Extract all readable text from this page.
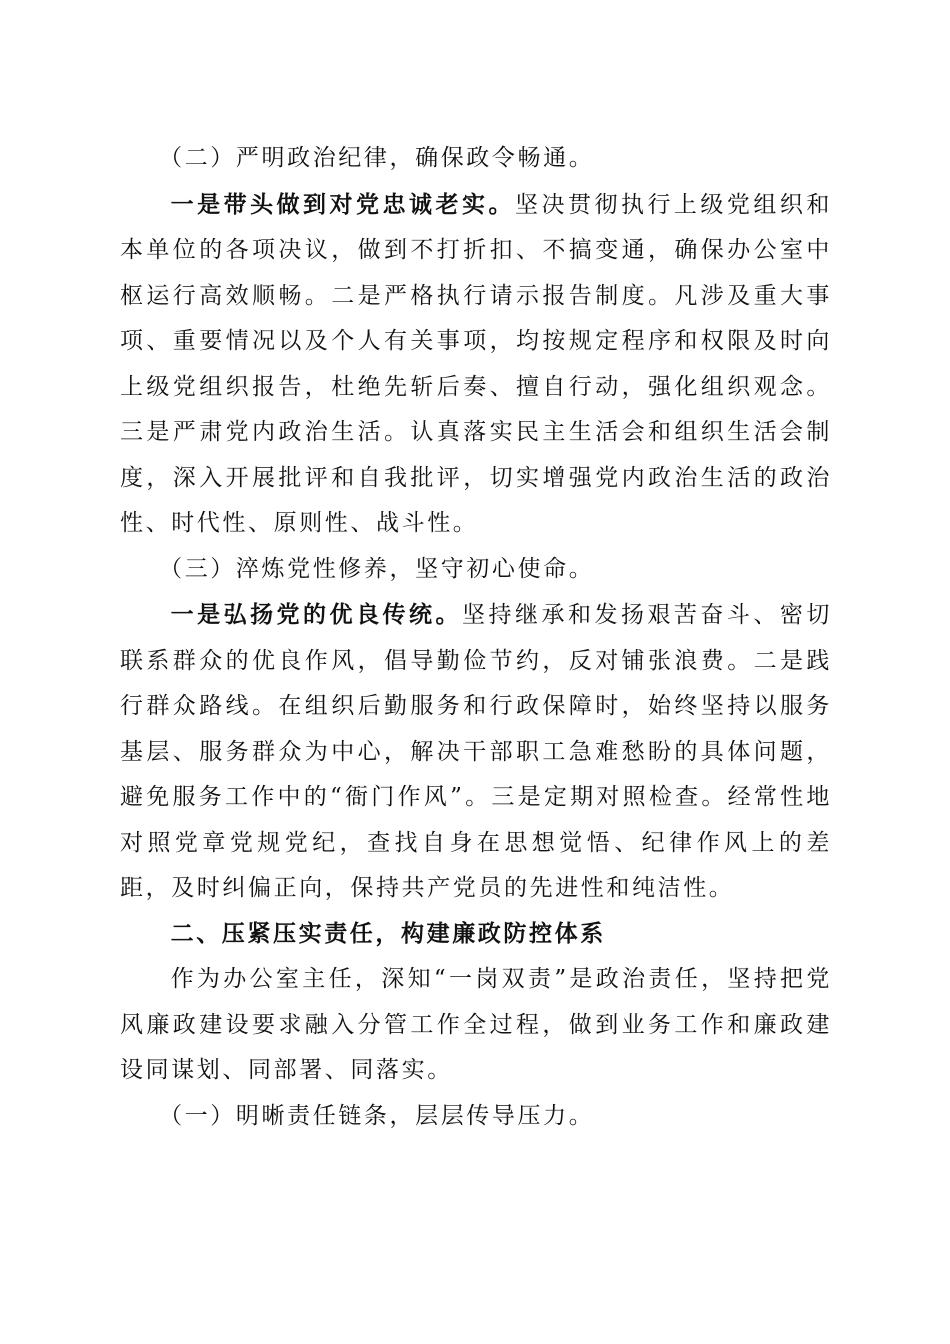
（二）严明政治纪律，确保政令畅通。

一是带头做到对党忠诚老实。坚决贯彻执行上级党组织和本单位的各项决议，做到不打折扣、不搞变通，确保办公室中枢运行高效顺畅。二是严格执行请示报告制度。凡涉及重大事项、重要情况以及个人有关事项，均按规定程序和权限及时向上级党组织报告，杜绝先斩后奏、擅自行动，强化组织观念。三是严肃党内政治生活。认真落实民主生活会和组织生活会制度，深入开展批评和自我批评，切实增强党内政治生活的政治性、时代性、原则性、战斗性。

（三）淬炼党性修养，坚守初心使命。

一是弘扬党的优良传统。坚持继承和发扬艰苦奋斗、密切联系群众的优良作风，倡导勤俭节约，反对铺张浪费。二是践行群众路线。在组织后勤服务和行政保障时，始终坚持以服务基层、服务群众为中心，解决干部职工急难愁盼的具体问题，避免服务工作中的“衙门作风”。三是定期对照检查。经常性地对照党章党规党纪，查找自身在思想觉悟、纪律作风上的差距，及时纠偏正向，保持共产党员的先进性和纯洁性。

二、压紧压实责任，构建廉政防控体系

作为办公室主任，深知“一岗双责”是政治责任，坚持把党风廉政建设要求融入分管工作全过程，做到业务工作和廉政建设同谋划、同部署、同落实。

（一）明晰责任链条，层层传导压力。
